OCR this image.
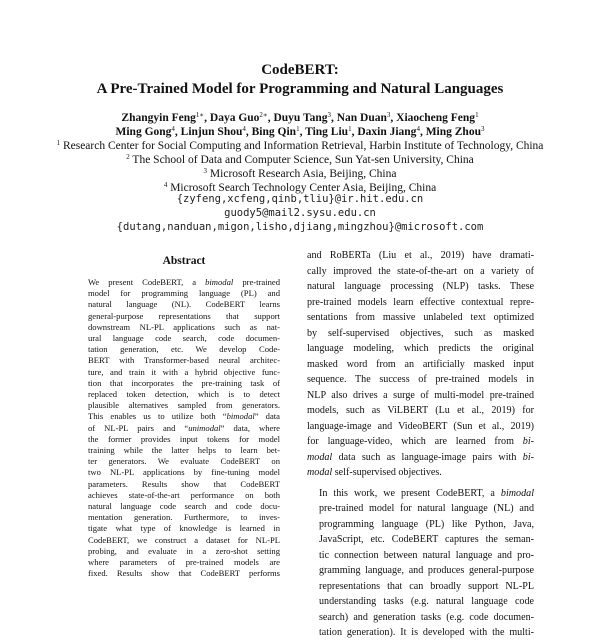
CodeBERT:
A Pre-Trained Model for Programming and Natural Languages
Zhangyin Feng$^{1∗}$, Daya Guo$^{2∗}$, Duyu Tang$^3$, Nan Duan$^3$, Xiaocheng Feng$^1$
Ming Gong$^4$, Linjun Shou$^4$, Bing Qin$^1$, Ting Liu$^1$, Daxin Jiang$^4$, Ming Zhou$^3$
$^1$ Research Center for Social Computing and Information Retrieval, Harbin Institute of Technology, China
$^2$ The School of Data and Computer Science, Sun Yat-sen University, China
$^3$ Microsoft Research Asia, Beijing, China
$^4$ Microsoft Search Technology Center Asia, Beijing, China
{zyfeng,xcfeng,qinb,tliu}@ir.hit.edu.cn
guody5@mail2.sysu.edu.cn
{dutang,nanduan,migon,lisho,djiang,mingzhou}@microsoft.com
Abstract
We present CodeBERT, a bimodal pre-trained
model for programming language (PL) and
natural language (NL). CodeBERT learns
general-purpose representations that support
downstream NL-PL applications such as nat-
ural language code search, code documen-
tation generation, etc. We develop Code-
BERT with Transformer-based neural architec-
ture, and train it with a hybrid objective func-
tion that incorporates the pre-training task of
replaced token detection, which is to detect
plausible alternatives sampled from generators.
This enables us to utilize both “bimodal” data
of NL-PL pairs and “unimodal” data, where
the former provides input tokens for model
training while the latter helps to learn bet-
ter generators. We evaluate CodeBERT on
two NL-PL applications by fine-tuning model
parameters. Results show that CodeBERT
achieves state-of-the-art performance on both
natural language code search and code docu-
mentation generation. Furthermore, to inves-
tigate what type of knowledge is learned in
CodeBERT, we construct a dataset for NL-PL
probing, and evaluate in a zero-shot setting
where parameters of pre-trained models are
fixed. Results show that CodeBERT performs

and RoBERTa (Liu et al., 2019) have dramati-
cally improved the state-of-the-art on a variety of
natural language processing (NLP) tasks. These
pre-trained models learn effective contextual repre-
sentations from massive unlabeled text optimized
by self-supervised objectives, such as masked
language modeling, which predicts the original
masked word from an artificially masked input
sequence. The success of pre-trained models in
NLP also drives a surge of multi-model pre-trained
models, such as ViLBERT (Lu et al., 2019) for
language-image and VideoBERT (Sun et al., 2019)
for language-video, which are learned from bi-
modal data such as language-image pairs with bi-
modal self-supervised objectives.

In this work, we present CodeBERT, a bimodal
pre-trained model for natural language (NL) and
programming language (PL) like Python, Java,
JavaScript, etc. CodeBERT captures the seman-
tic connection between natural language and pro-
gramming language, and produces general-purpose
representations that can broadly support NL-PL
understanding tasks (e.g. natural language code
search) and generation tasks (e.g. code documen-
tation generation). It is developed with the multi-
